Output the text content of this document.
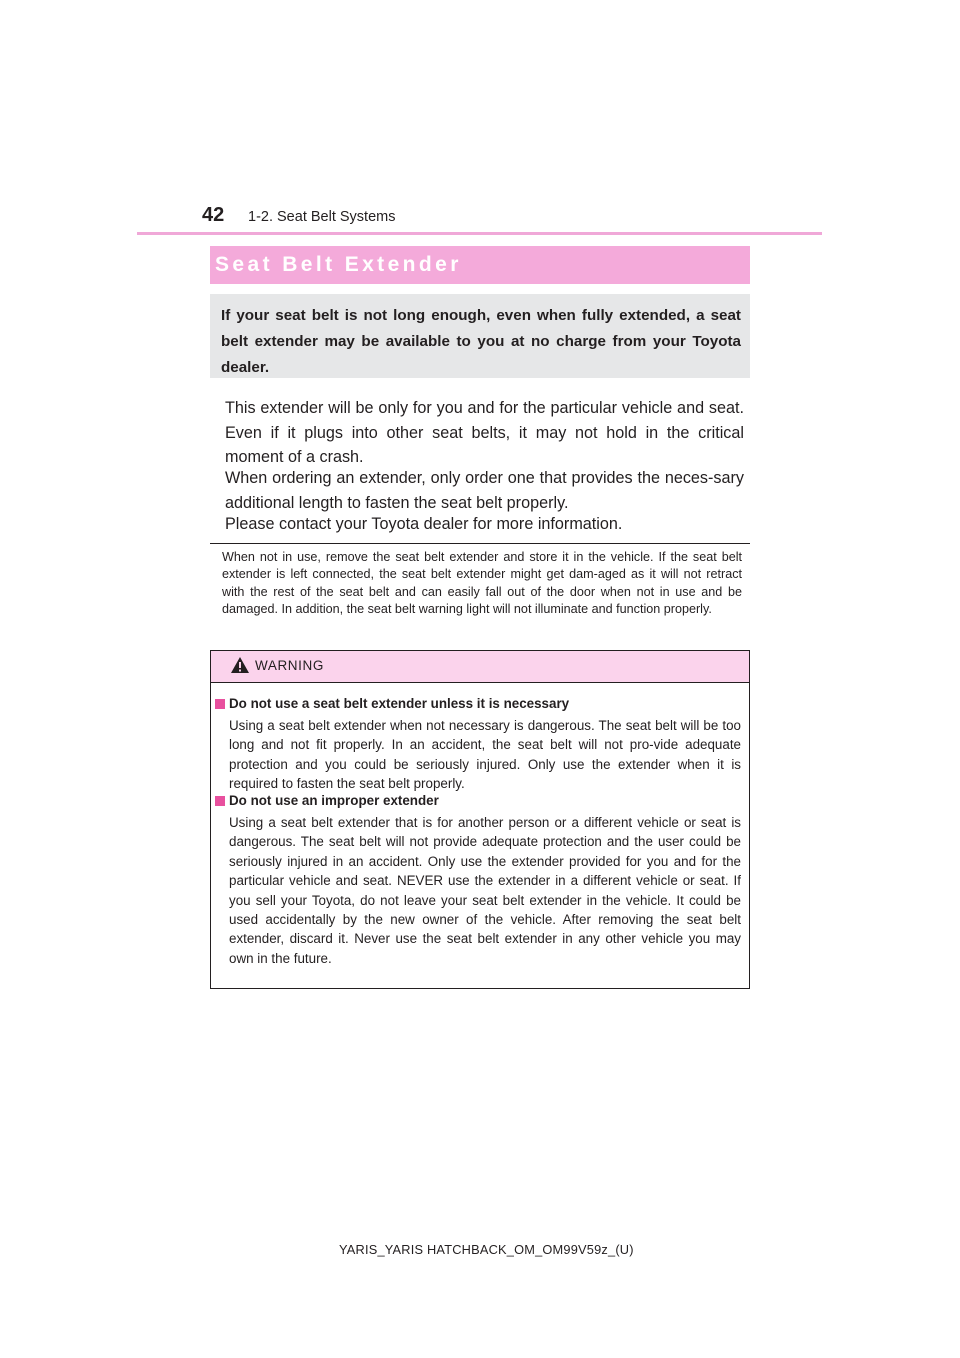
42 1-2. Seat Belt Systems
Seat Belt Extender
If your seat belt is not long enough, even when fully extended, a seat belt extender may be available to you at no charge from your Toyota dealer.
This extender will be only for you and for the particular vehicle and seat. Even if it plugs into other seat belts, it may not hold in the critical moment of a crash.
When ordering an extender, only order one that provides the neces-sary additional length to fasten the seat belt properly.
Please contact your Toyota dealer for more information.
When not in use, remove the seat belt extender and store it in the vehicle. If the seat belt extender is left connected, the seat belt extender might get dam-aged as it will not retract with the rest of the seat belt and can easily fall out of the door when not in use and be damaged. In addition, the seat belt warning light will not illuminate and function properly.
WARNING
Do not use a seat belt extender unless it is necessary
Using a seat belt extender when not necessary is dangerous. The seat belt will be too long and not fit properly. In an accident, the seat belt will not pro-vide adequate protection and you could be seriously injured. Only use the extender when it is required to fasten the seat belt properly.
Do not use an improper extender
Using a seat belt extender that is for another person or a different vehicle or seat is dangerous. The seat belt will not provide adequate protection and the user could be seriously injured in an accident. Only use the extender provided for you and for the particular vehicle and seat. NEVER use the extender in a different vehicle or seat. If you sell your Toyota, do not leave your seat belt extender in the vehicle. It could be used accidentally by the new owner of the vehicle. After removing the seat belt extender, discard it. Never use the seat belt extender in any other vehicle you may own in the future.
YARIS_YARIS HATCHBACK_OM_OM99V59z_(U)
